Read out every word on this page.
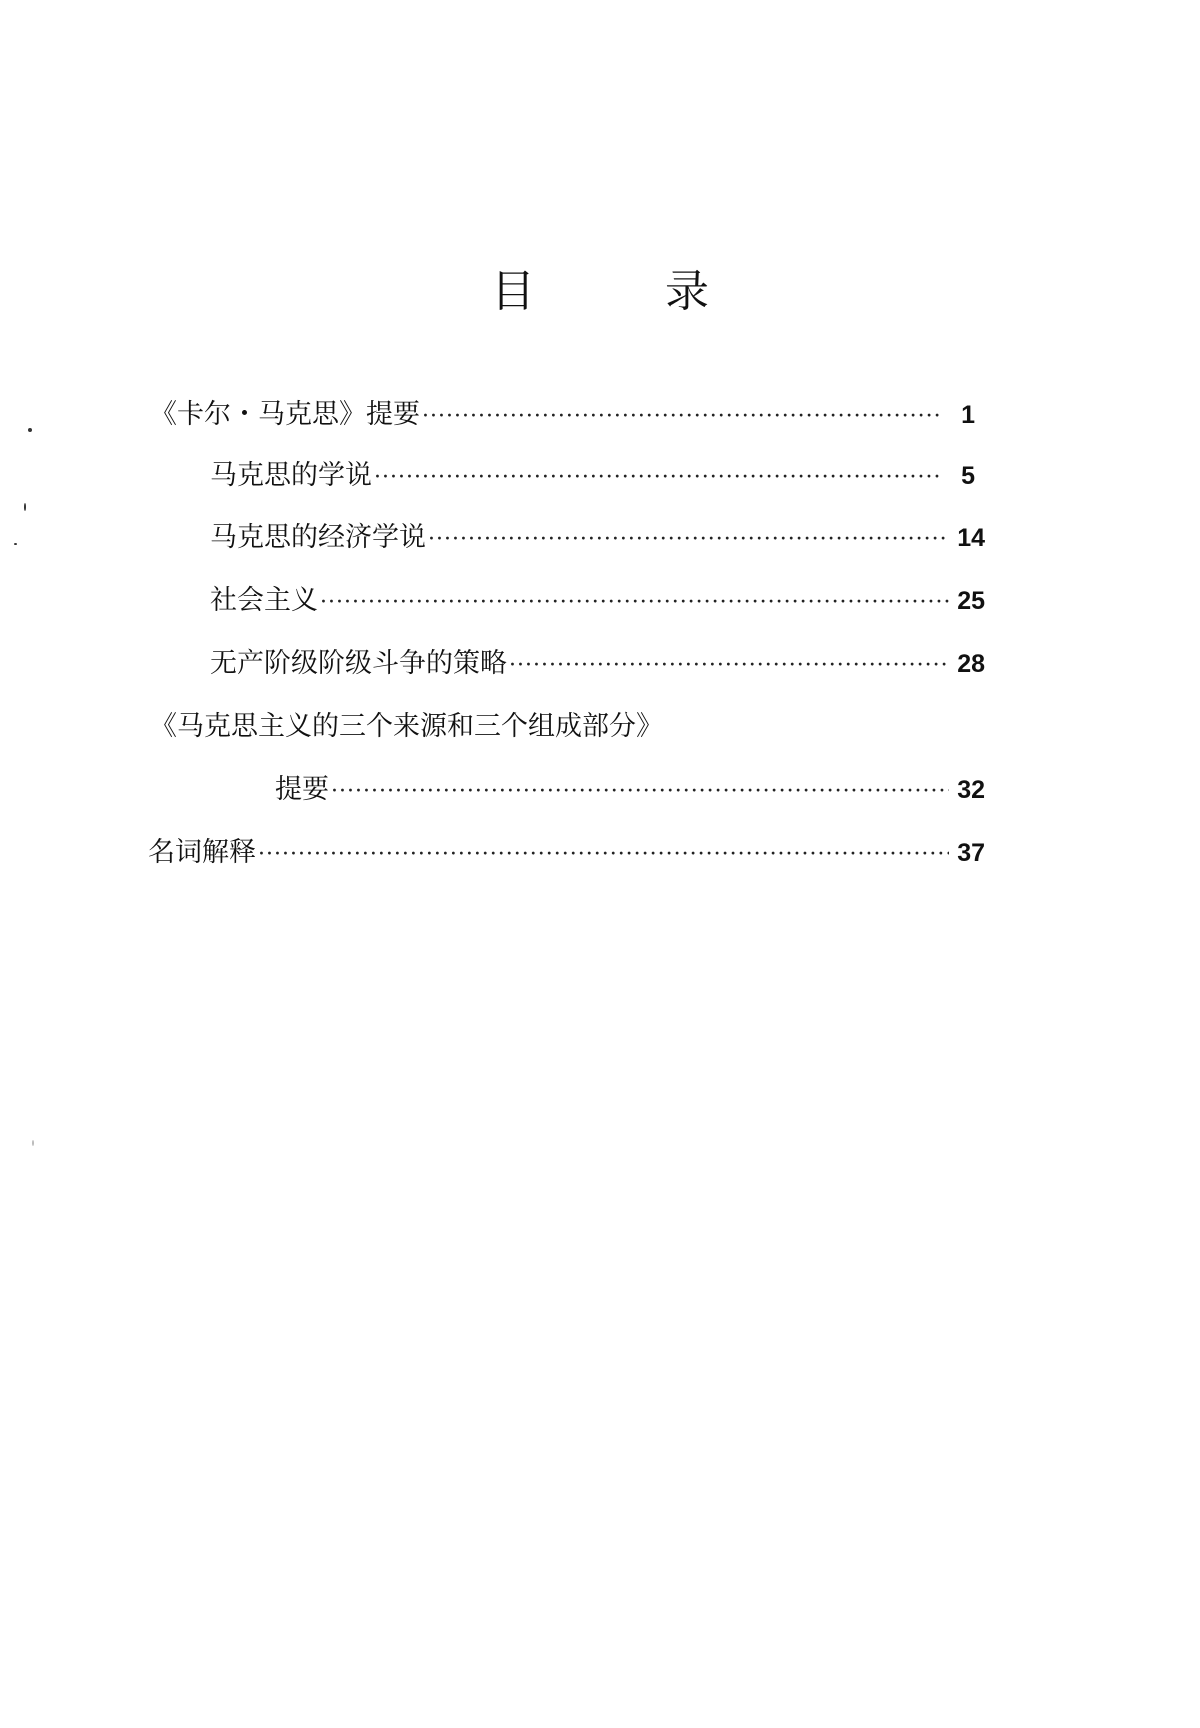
目	录
《卡尔・马克思》提要 ·····	1
马克思的学说 ·····	5
马克思的经济学说 ·····	14
社会主义 ·····	25
无产阶级阶级斗争的策略 ·····	28
《马克思主义的三个来源和三个组成部分》
提要 ·····	32
名词解释 ·····	37
